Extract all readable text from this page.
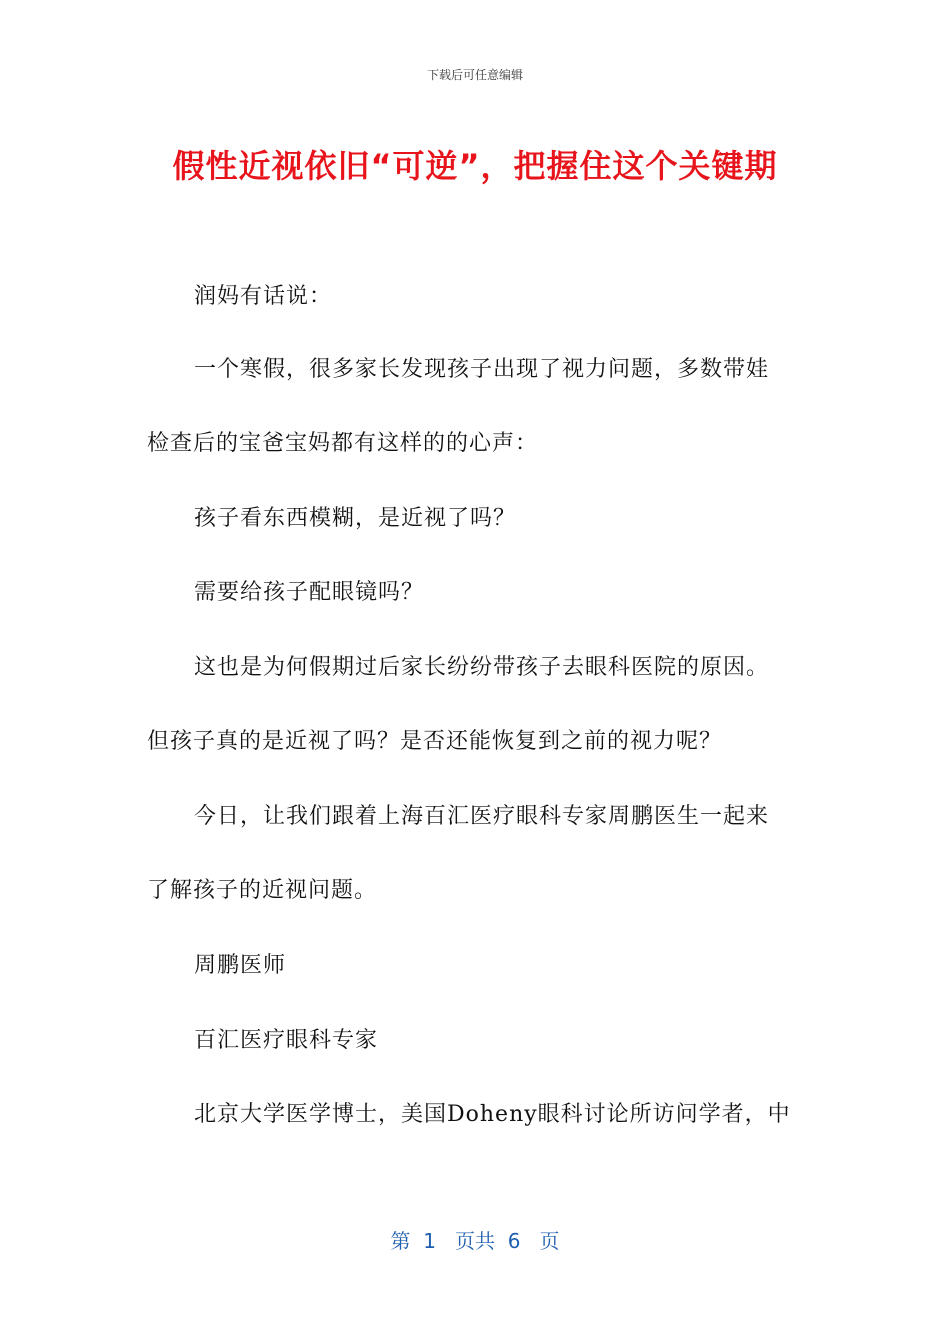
下载后可任意编辑
假性近视依旧“可逆”，把握住这个关键期
润妈有话说：
一个寒假，很多家长发现孩子出现了视力问题，多数带娃
检查后的宝爸宝妈都有这样的的心声：
孩子看东西模糊，是近视了吗？
需要给孩子配眼镜吗？
这也是为何假期过后家长纷纷带孩子去眼科医院的原因。
但孩子真的是近视了吗？是否还能恢复到之前的视力呢？
今日，让我们跟着上海百汇医疗眼科专家周鹏医生一起来
了解孩子的近视问题。
周鹏医师
百汇医疗眼科专家
北京大学医学博士，美国Doheny眼科讨论所访问学者，中
第  1   页共  6   页
